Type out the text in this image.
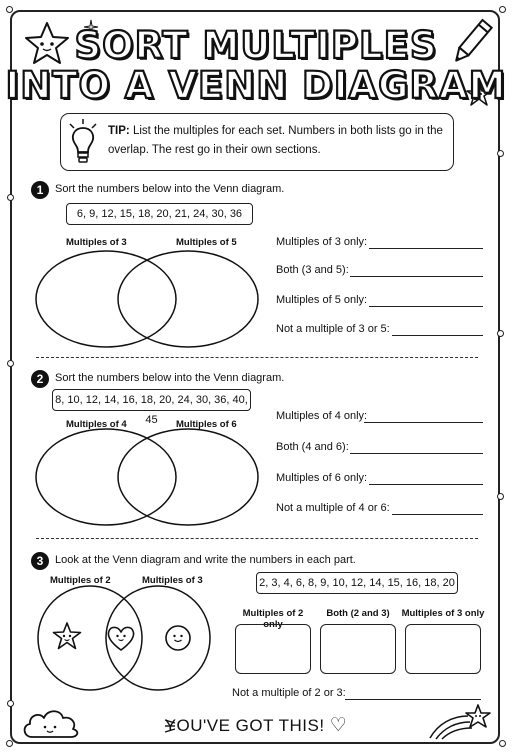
SORT MULTIPLES
INTO A VENN DIAGRAM
TIP: List the multiples for each set. Numbers in both lists go in the overlap. The rest go in their own sections.
1	Sort the numbers below into the Venn diagram.
6, 9, 12, 15, 18, 20, 21, 24, 30, 36
Multiples of 3	Multiples of 5	Multiples of 3 only:
Both (3 and 5):
Multiples of 5 only:
Not a multiple of 3 or 5:
2	Sort the numbers below into the Venn diagram.
8, 10, 12, 14, 16, 18, 20, 24, 30, 36, 40, 45
Multiples of 4	Multiples of 6
Multiples of 4 only:
Both (4 and 6):
Multiples of 6 only:
Not a multiple of 4 or 6:
3	Look at the Venn diagram and write the numbers in each part.
Multiples of 2	Multiples of 3	2, 3, 4, 6, 8, 9, 10, 12, 14, 15, 16, 18, 20
Multiples of 2 only
Both (2 and 3)	Multiples of 3 only
Not a multiple of 2 or 3:
YOU'VE GOT THIS! ♡
